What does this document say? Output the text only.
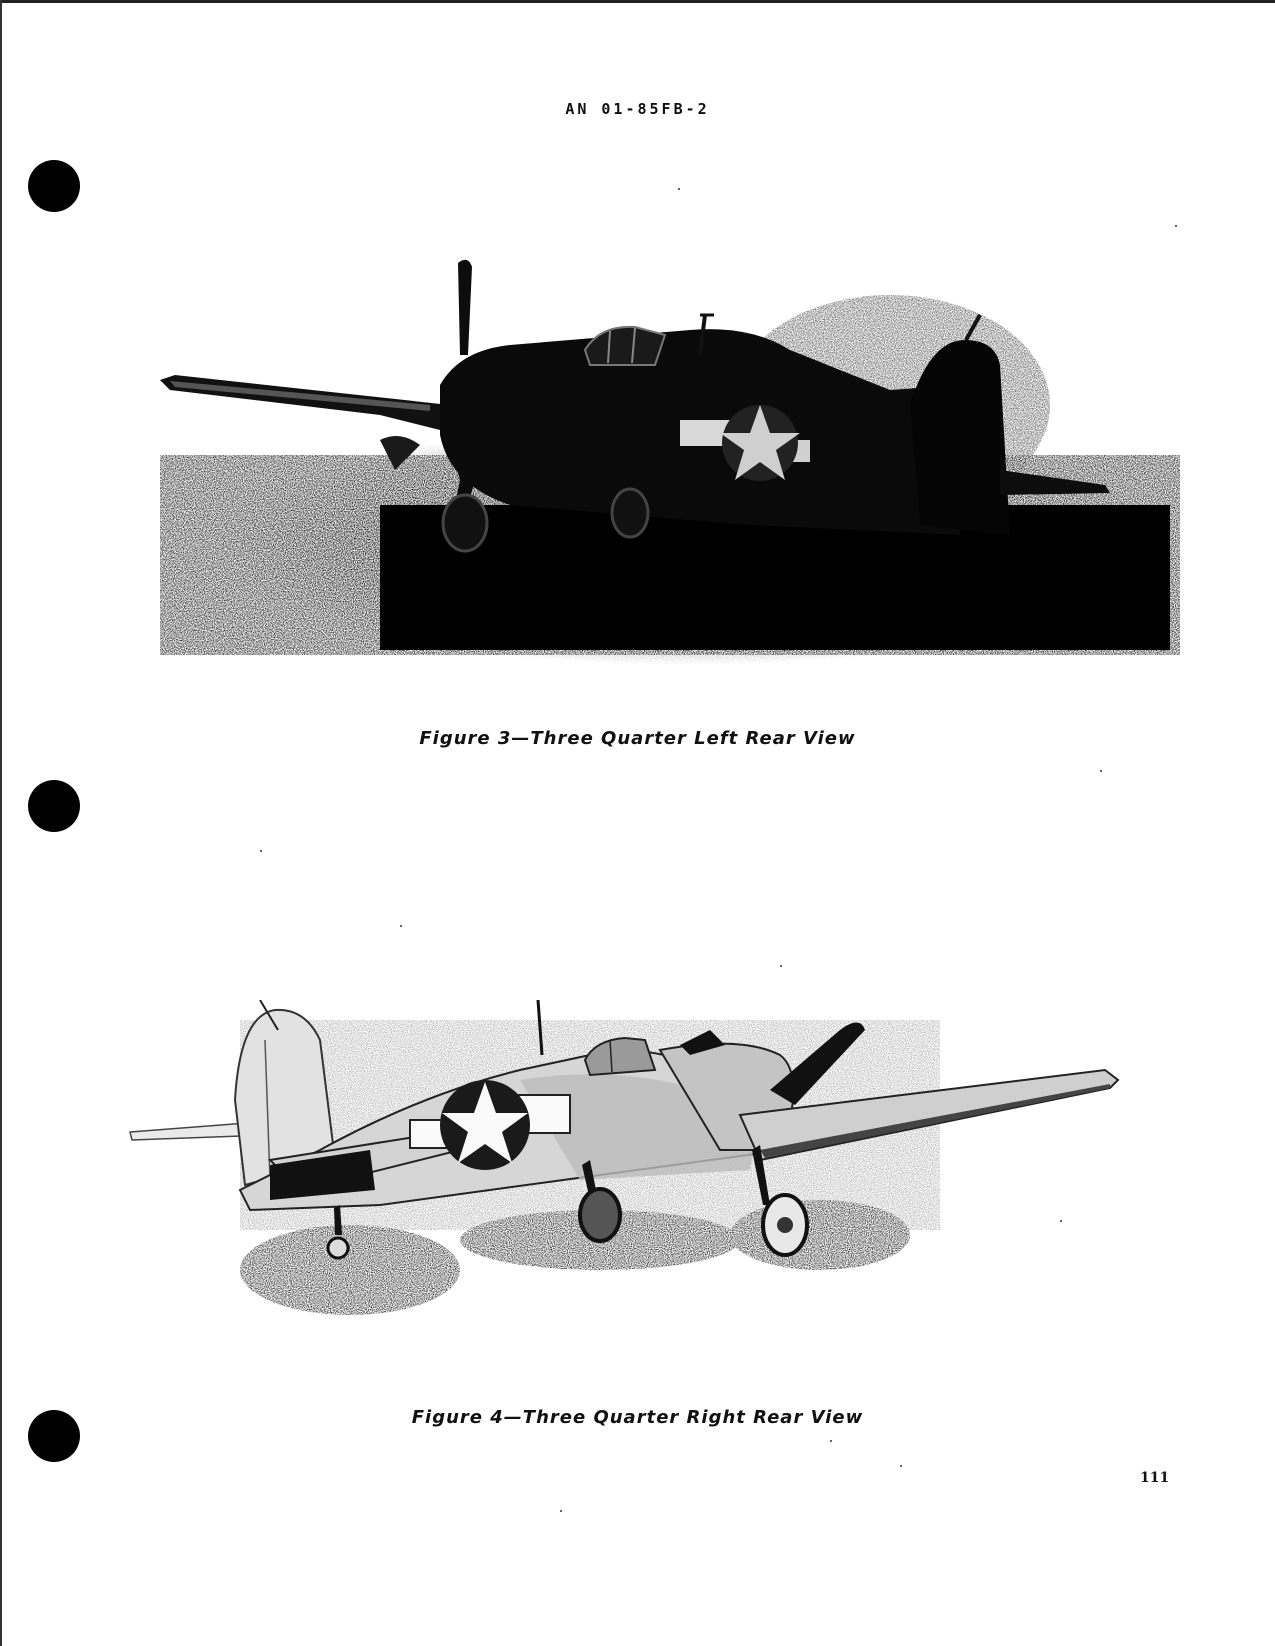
AN 01-85FB-2
Figure 3—Three Quarter Left Rear View
Figure 4—Three Quarter Right Rear View
111
